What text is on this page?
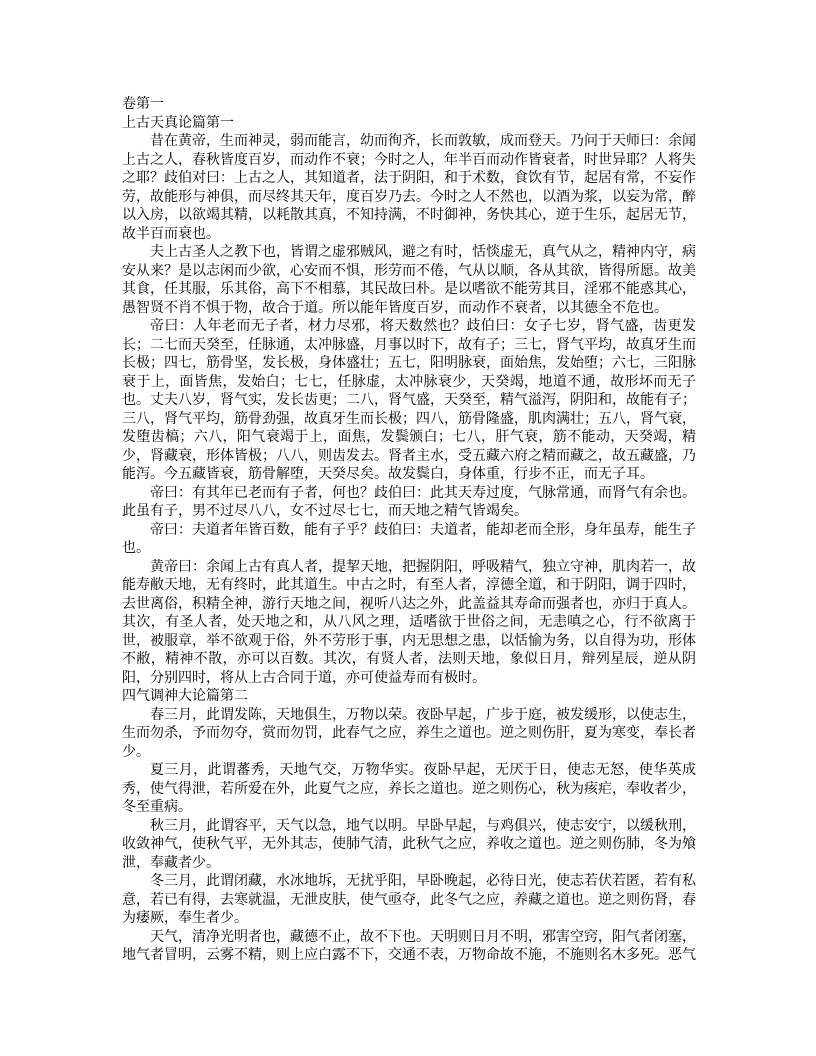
卷第一
上古天真论篇第一

昔在黄帝，生而神灵，弱而能言，幼而徇齐，长而敦敏，成而登天。乃问于天师曰：余闻上古之人，春秋皆度百岁，而动作不衰；今时之人，年半百而动作皆衰者，时世异耶？人将失之耶？歧伯对曰：上古之人，其知道者，法于阴阳，和于术数，食饮有节，起居有常，不妄作劳，故能形与神俱，而尽终其天年，度百岁乃去。今时之人不然也，以酒为浆，以妄为常，醉以入房，以欲竭其精，以耗散其真，不知持满，不时御神，务快其心，逆于生乐，起居无节，故半百而衰也。

夫上古圣人之教下也，皆谓之虚邪贼风，避之有时，恬惔虚无，真气从之，精神内守，病安从来？是以志闲而少欲，心安而不惧，形劳而不倦，气从以顺，各从其欲，皆得所愿。故美其食，任其服，乐其俗，高下不相慕，其民故曰朴。是以嗜欲不能劳其目，淫邪不能惑其心，愚智贤不肖不惧于物，故合于道。所以能年皆度百岁，而动作不衰者，以其德全不危也。

帝曰：人年老而无子者，材力尽邪，将天数然也？歧伯曰：女子七岁，肾气盛，齿更发长；二七而天癸至，任脉通，太冲脉盛，月事以时下，故有子；三七，肾气平均，故真牙生而长极；四七，筋骨坚，发长极，身体盛壮；五七，阳明脉衰，面始焦，发始堕；六七，三阳脉衰于上，面皆焦，发始白；七七，任脉虚，太冲脉衰少，天癸竭，地道不通，故形坏而无子也。丈夫八岁，肾气实，发长齿更；二八，肾气盛，天癸至，精气溢泻，阴阳和，故能有子；三八，肾气平均，筋骨劲强，故真牙生而长极；四八，筋骨隆盛，肌肉满壮；五八，肾气衰，发堕齿槁；六八，阳气衰竭于上，面焦，发鬓颁白；七八，肝气衰，筋不能动，天癸竭，精少，肾藏衰，形体皆极；八八，则齿发去。肾者主水，受五藏六府之精而藏之，故五藏盛，乃能泻。今五藏皆衰，筋骨解堕，天癸尽矣。故发鬓白，身体重，行步不正，而无子耳。

帝曰：有其年已老而有子者，何也？歧伯曰：此其天寿过度，气脉常通，而肾气有余也。此虽有子，男不过尽八八，女不过尽七七，而天地之精气皆竭矣。

帝曰：夫道者年皆百数，能有子乎？歧伯曰：夫道者，能却老而全形，身年虽寿，能生子也。

黄帝曰：余闻上古有真人者，提挈天地，把握阴阳，呼吸精气，独立守神，肌肉若一，故能寿敝天地，无有终时，此其道生。中古之时，有至人者，淳德全道，和于阴阳，调于四时，去世离俗，积精全神，游行天地之间，视听八达之外，此盖益其寿命而强者也，亦归于真人。其次，有圣人者，处天地之和，从八风之理，适嗜欲于世俗之间，无恚嗔之心，行不欲离于世，被服章，举不欲观于俗，外不劳形于事，内无思想之患，以恬愉为务，以自得为功，形体不敝，精神不散，亦可以百数。其次，有贤人者，法则天地，象似日月，辩列星辰，逆从阴阳，分别四时，将从上古合同于道，亦可使益寿而有极时。

四气调神大论篇第二

春三月，此谓发陈，天地俱生，万物以荣。夜卧早起，广步于庭，被发缓形，以使志生，生而勿杀，予而勿夺，赏而勿罚，此春气之应，养生之道也。逆之则伤肝，夏为寒变，奉长者少。

夏三月，此谓蕃秀，天地气交，万物华实。夜卧早起，无厌于日，使志无怒，使华英成秀，使气得泄，若所爱在外，此夏气之应，养长之道也。逆之则伤心，秋为痎疟，奉收者少，冬至重病。

秋三月，此谓容平，天气以急，地气以明。早卧早起，与鸡俱兴，使志安宁，以缓秋刑，收敛神气，使秋气平，无外其志，使肺气清，此秋气之应，养收之道也。逆之则伤肺，冬为飧泄，奉藏者少。

冬三月，此谓闭藏，水冰地坼，无扰乎阳，早卧晚起，必待日光，使志若伏若匿，若有私意，若已有得，去寒就温，无泄皮肤，使气亟夺，此冬气之应，养藏之道也。逆之则伤肾，春为痿厥，奉生者少。

天气，清净光明者也，藏德不止，故不下也。天明则日月不明，邪害空窍，阳气者闭塞，地气者冒明，云雾不精，则上应白露不下，交通不表，万物命故不施，不施则名木多死。恶气
